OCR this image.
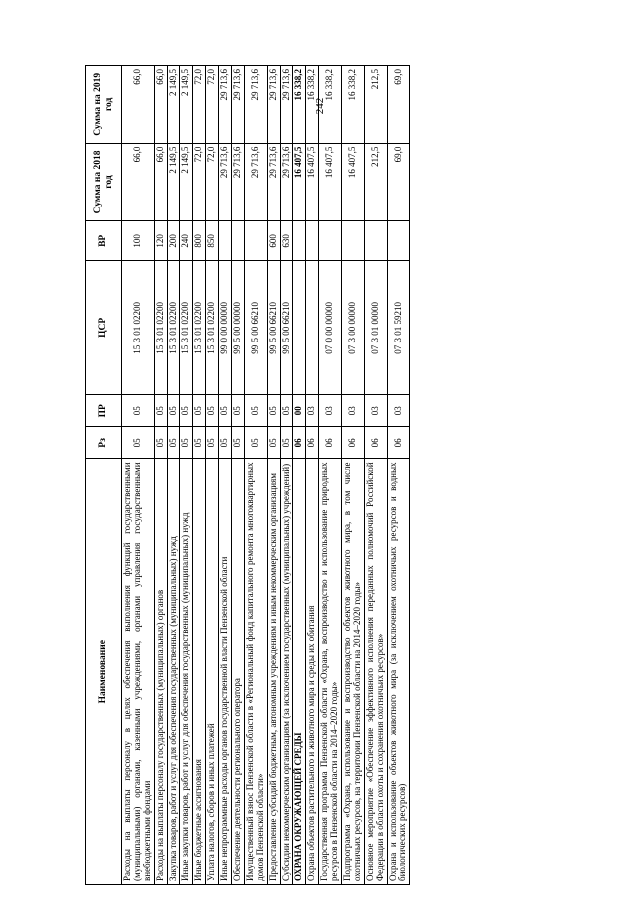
242
Наименование	Рз	ПР	ЦСР	ВР	Сумма на 2018 год	Сумма на 2019 год
Расходы на выплаты персоналу в целях обеспечения выполнения функций государственными (муниципальными) органами, казенными учреждениями, органами управления государственными внебюджетными фондами	05	05	15 3 01 02200	100	66,0	66,0
Расходы на выплаты персоналу государственных (муниципальных) органов	05	05	15 3 01 02200	120	66,0	66,0
Закупка товаров, работ и услуг для обеспечения государственных (муниципальных) нужд	05	05	15 3 01 02200	200	2 149,5	2 149,5
Иные закупки товаров, работ и услуг для обеспечения государственных (муниципальных) нужд	05	05	15 3 01 02200	240	2 149,5	2 149,5
Иные бюджетные ассигнования	05	05	15 3 01 02200	800	72,0	72,0
Уплата налогов, сборов и иных платежей	05	05	15 3 01 02200	850	72,0	72,0
Иные непрограммные расходы органов государственной власти Пензенской области	05	05	99 0 00 00000		29 713,6	29 713,6
Обеспечение деятельности регионального оператора	05	05	99 5 00 00000		29 713,6	29 713,6
Имущественный взнос Пензенской области в «Региональный фонд капитального ремонта многоквартирных домов Пензенской области»	05	05	99 5 00 66210		29 713,6	29 713,6
Предоставление субсидий бюджетным, автономным учреждениям и иным некоммерческим организациям	05	05	99 5 00 66210	600	29 713,6	29 713,6
Субсидии некоммерческим организациям (за исключением государственных (муниципальных) учреждений)	05	05	99 5 00 66210	630	29 713,6	29 713,6
ОХРАНА ОКРУЖАЮЩЕЙ СРЕДЫ	06	00			16 407,5	16 338,2
Охрана объектов растительного и животного мира и среды их обитания	06	03			16 407,5	16 338,2
Государственная программа Пензенской области «Охрана, воспроизводство и использование природных ресурсов в Пензенской области на 2014–2020 годы»	06	03	07 0 00 00000		16 407,5	16 338,2
Подпрограмма «Охрана, использование и воспроизводство объектов животного мира, в том числе охотничьих ресурсов, на территории Пензенской области на 2014–2020 годы»	06	03	07 3 00 00000		16 407,5	16 338,2
Основное мероприятие «Обеспечение эффективного исполнения переданных полномочий Российской Федерации в области охоты и сохранения охотничьих ресурсов»	06	03	07 3 01 00000		212,5	212,5
Охрана и использование объектов животного мира (за исключением охотничьих ресурсов и водных биологических ресурсов)	06	03	07 3 01 59210		69,0	69,0
